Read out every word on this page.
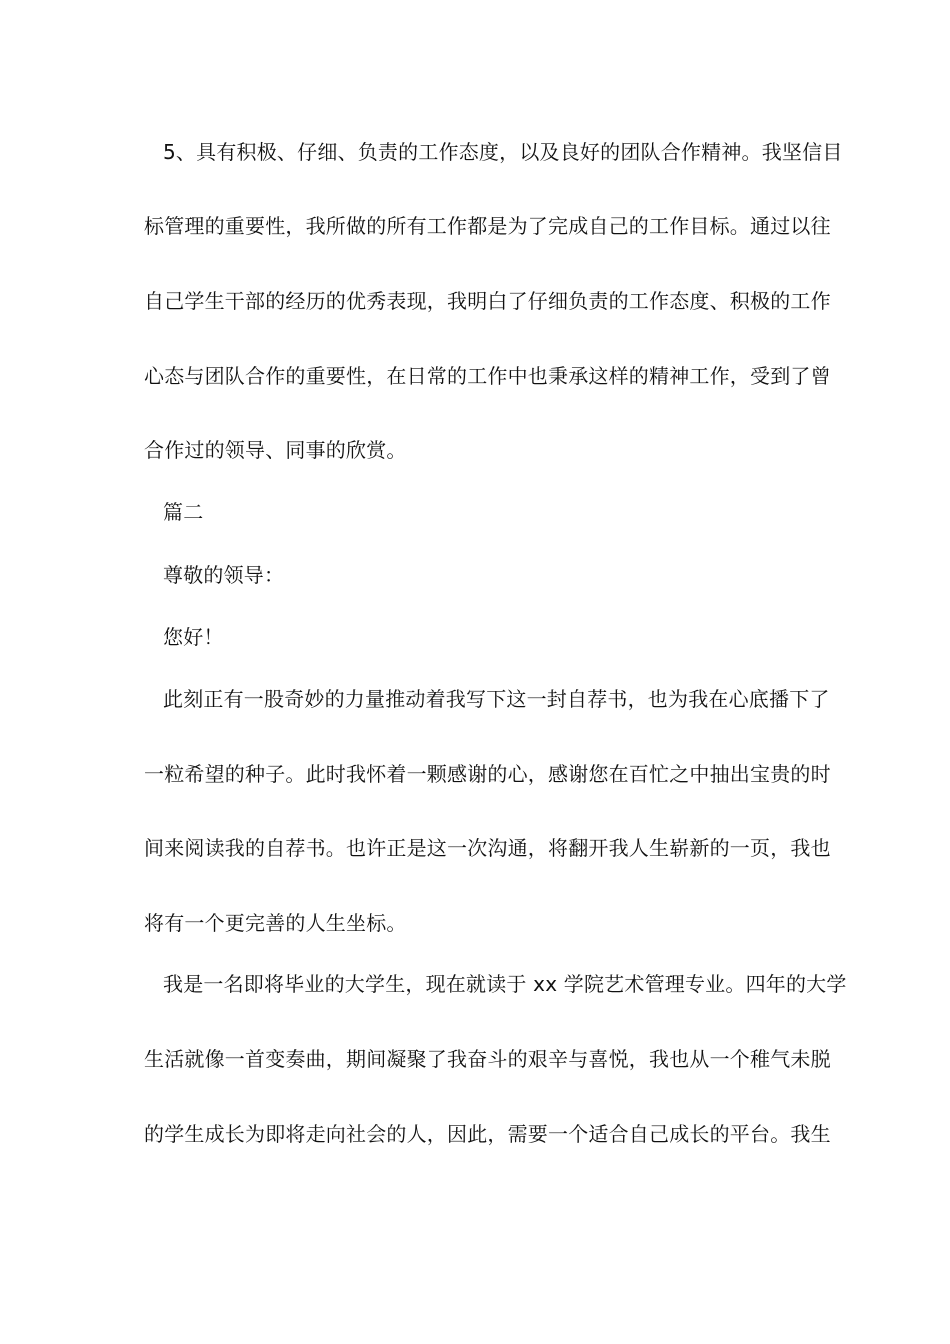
5、具有积极、仔细、负责的工作态度，以及良好的团队合作精神。我坚信目
标管理的重要性，我所做的所有工作都是为了完成自己的工作目标。通过以往
自己学生干部的经历的优秀表现，我明白了仔细负责的工作态度、积极的工作
心态与团队合作的重要性，在日常的工作中也秉承这样的精神工作，受到了曾
合作过的领导、同事的欣赏。
篇二
尊敬的领导：
您好！
此刻正有一股奇妙的力量推动着我写下这一封自荐书，也为我在心底播下了
一粒希望的种子。此时我怀着一颗感谢的心，感谢您在百忙之中抽出宝贵的时
间来阅读我的自荐书。也许正是这一次沟通，将翻开我人生崭新的一页，我也
将有一个更完善的人生坐标。
我是一名即将毕业的大学生，现在就读于 xx 学院艺术管理专业。四年的大学
生活就像一首变奏曲，期间凝聚了我奋斗的艰辛与喜悦，我也从一个稚气未脱
的学生成长为即将走向社会的人，因此，需要一个适合自己成长的平台。我生
